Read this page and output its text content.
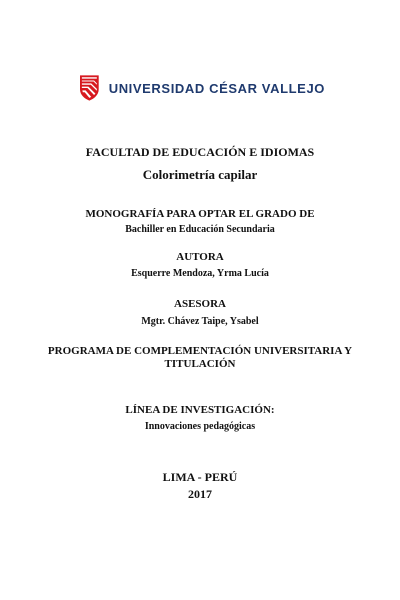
UNIVERSIDAD CÉSAR VALLEJO
FACULTAD DE EDUCACIÓN E IDIOMAS
Colorimetría capilar
MONOGRAFÍA PARA OPTAR EL GRADO DE
Bachiller en Educación Secundaria
AUTORA
Esquerre Mendoza, Yrma Lucía
ASESORA
Mgtr. Chávez Taipe, Ysabel
PROGRAMA DE COMPLEMENTACIÓN UNIVERSITARIA Y
TITULACIÓN
LÍNEA DE INVESTIGACIÓN:
Innovaciones pedagógicas
LIMA - PERÚ
2017
